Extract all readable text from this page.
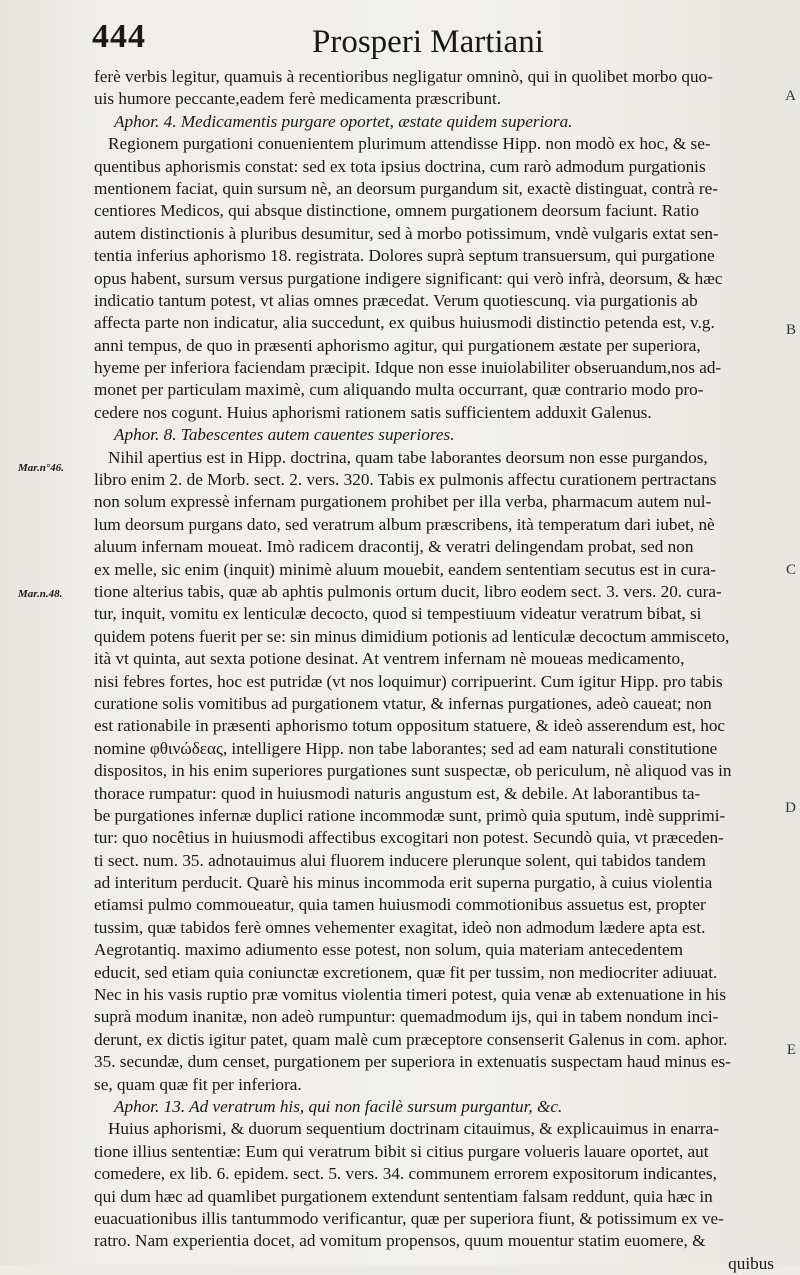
444	Prosperi Martiani
Mar.n°46.
Mar.n.48.
A
B
C
D
E
ferè verbis legitur, quamuis à recentioribus negligatur omninò, qui in quolibet morbo quo-
uis humore peccante,eadem ferè medicamenta præscribunt.
Aphor. 4. Medicamentis purgare oportet, æstate quidem superiora.
Regionem purgationi conuenientem plurimum attendisse Hipp. non modò ex hoc, & se-
quentibus aphorismis constat: sed ex tota ipsius doctrina, cum rarò admodum purgationis
mentionem faciat, quin sursum nè, an deorsum purgandum sit, exactè distinguat, contrà re-
centiores Medicos, qui absque distinctione, omnem purgationem deorsum faciunt. Ratio
autem distinctionis à pluribus desumitur, sed à morbo potissimum, vndè vulgaris extat sen-
tentia inferius aphorismo 18. registrata. Dolores suprà septum transuersum, qui purgatione
opus habent, sursum versus purgatione indigere significant: qui verò infrà, deorsum, & hæc
indicatio tantum potest, vt alias omnes præcedat. Verum quotiescunq. via purgationis ab
affecta parte non indicatur, alia succedunt, ex quibus huiusmodi distinctio petenda est, v.g.
anni tempus, de quo in præsenti aphorismo agitur, qui purgationem æstate per superiora,
hyeme per inferiora faciendam præcipit. Idque non esse inuiolabiliter obseruandum,nos ad-
monet per particulam maximè, cum aliquando multa occurrant, quæ contrario modo pro-
cedere nos cogunt. Huius aphorismi rationem satis sufficientem adduxit Galenus.
Aphor. 8. Tabescentes autem cauentes superiores.
Nihil apertius est in Hipp. doctrina, quam tabe laborantes deorsum non esse purgandos,
libro enim 2. de Morb. sect. 2. vers. 320. Tabis ex pulmonis affectu curationem pertractans
non solum expressè infernam purgationem prohibet per illa verba, pharmacum autem nul-
lum deorsum purgans dato, sed veratrum album præscribens, ità temperatum dari iubet, nè
aluum infernam moueat. Imò radicem dracontij, & veratri delingendam probat, sed non
ex melle, sic enim (inquit) minimè aluum mouebit, eandem sententiam secutus est in cura-
tione alterius tabis, quæ ab aphtis pulmonis ortum ducit, libro eodem sect. 3. vers. 20. cura-
tur, inquit, vomitu ex lenticulæ decocto, quod si tempestiuum videatur veratrum bibat, si
quidem potens fuerit per se: sin minus dimidium potionis ad lenticulæ decoctum ammisceto,
ità vt quinta, aut sexta potione desinat. At ventrem infernam nè moueas medicamento,
nisi febres fortes, hoc est putridæ (vt nos loquimur) corripuerint. Cum igitur Hipp. pro tabis
curatione solis vomitibus ad purgationem vtatur, & infernas purgationes, adeò caueat; non
est rationabile in præsenti aphorismo totum oppositum statuere, & ideò asserendum est, hoc
nomine φθινώδεας, intelligere Hipp. non tabe laborantes; sed ad eam naturali constitutione
dispositos, in his enim superiores purgationes sunt suspectæ, ob periculum, nè aliquod vas in
thorace rumpatur: quod in huiusmodi naturis angustum est, & debile. At laborantibus ta-
be purgationes infernæ duplici ratione incommodæ sunt, primò quia sputum, indè supprimi-
tur: quo nocêtius in huiusmodi affectibus excogitari non potest. Secundò quia, vt præceden-
ti sect. num. 35. adnotauimus alui fluorem inducere plerunque solent, qui tabidos tandem
ad interitum perducit. Quarè his minus incommoda erit superna purgatio, à cuius violentia
etiamsi pulmo commoueatur, quia tamen huiusmodi commotionibus assuetus est, propter
tussim, quæ tabidos ferè omnes vehementer exagitat, ideò non admodum lædere apta est.
Aegrotantiq. maximo adiumento esse potest, non solum, quia materiam antecedentem
educit, sed etiam quia coniunctæ excretionem, quæ fit per tussim, non mediocriter adiuuat.
Nec in his vasis ruptio præ vomitus violentia timeri potest, quia venæ ab extenuatione in his
suprà modum inanitæ, non adeò rumpuntur: quemadmodum ijs, qui in tabem nondum inci-
derunt, ex dictis igitur patet, quam malè cum præceptore consenserit Galenus in com. aphor.
35. secundæ, dum censet, purgationem per superiora in extenuatis suspectam haud minus es-
se, quam quæ fit per inferiora.
Aphor. 13. Ad veratrum his, qui non facilè sursum purgantur, &c.
Huius aphorismi, & duorum sequentium doctrinam citauimus, & explicauimus in enarra-
tione illius sententiæ: Eum qui veratrum bibit si citius purgare volueris lauare oportet, aut
comedere, ex lib. 6. epidem. sect. 5. vers. 34. communem errorem expositorum indicantes,
qui dum hæc ad quamlibet purgationem extendunt sententiam falsam reddunt, quia hæc in
euacuationibus illis tantummodo verificantur, quæ per superiora fiunt, & potissimum ex ve-
ratro. Nam experientia docet, ad vomitum propensos, quum mouentur statim euomere, &
quibus
